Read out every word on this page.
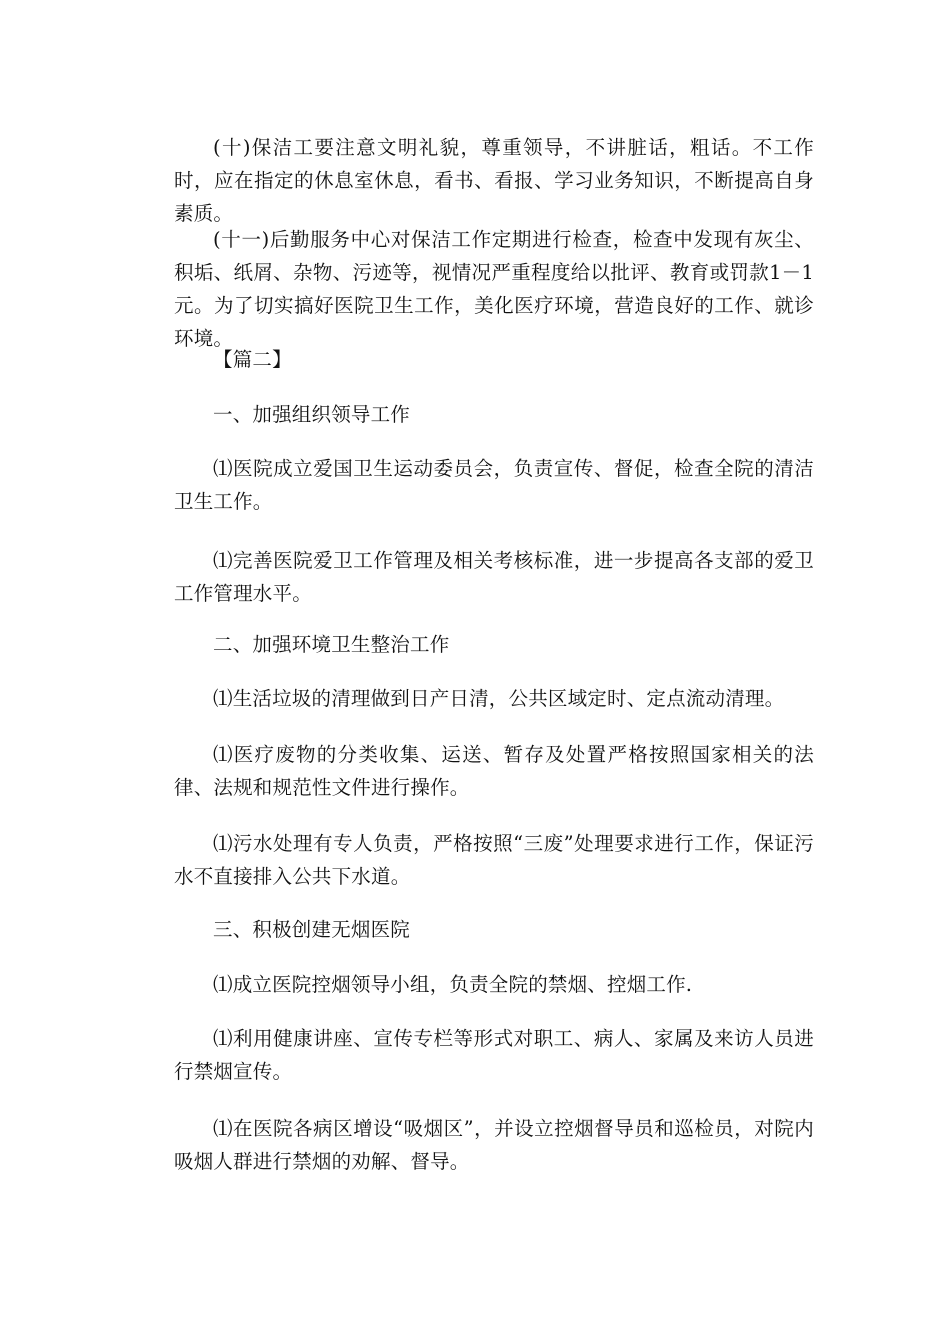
(十)保洁工要注意文明礼貌，尊重领导，不讲脏话，粗话。不工作时，应在指定的休息室休息，看书、看报、学习业务知识，不断提高自身素质。

(十一)后勤服务中心对保洁工作定期进行检查，检查中发现有灰尘、积垢、纸屑、杂物、污迹等，视情况严重程度给以批评、教育或罚款1－1元。为了切实搞好医院卫生工作，美化医疗环境，营造良好的工作、就诊环境。

【篇二】

一、加强组织领导工作

⑴医院成立爱国卫生运动委员会，负责宣传、督促，检查全院的清洁卫生工作。

⑴完善医院爱卫工作管理及相关考核标准，进一步提高各支部的爱卫工作管理水平。

二、加强环境卫生整治工作

⑴生活垃圾的清理做到日产日清，公共区域定时、定点流动清理。

⑴医疗废物的分类收集、运送、暂存及处置严格按照国家相关的法律、法规和规范性文件进行操作。

⑴污水处理有专人负责，严格按照“三废”处理要求进行工作，保证污水不直接排入公共下水道。

三、积极创建无烟医院

⑴成立医院控烟领导小组，负责全院的禁烟、控烟工作.

⑴利用健康讲座、宣传专栏等形式对职工、病人、家属及来访人员进行禁烟宣传。

⑴在医院各病区增设“吸烟区”，并设立控烟督导员和巡检员，对院内吸烟人群进行禁烟的劝解、督导。
